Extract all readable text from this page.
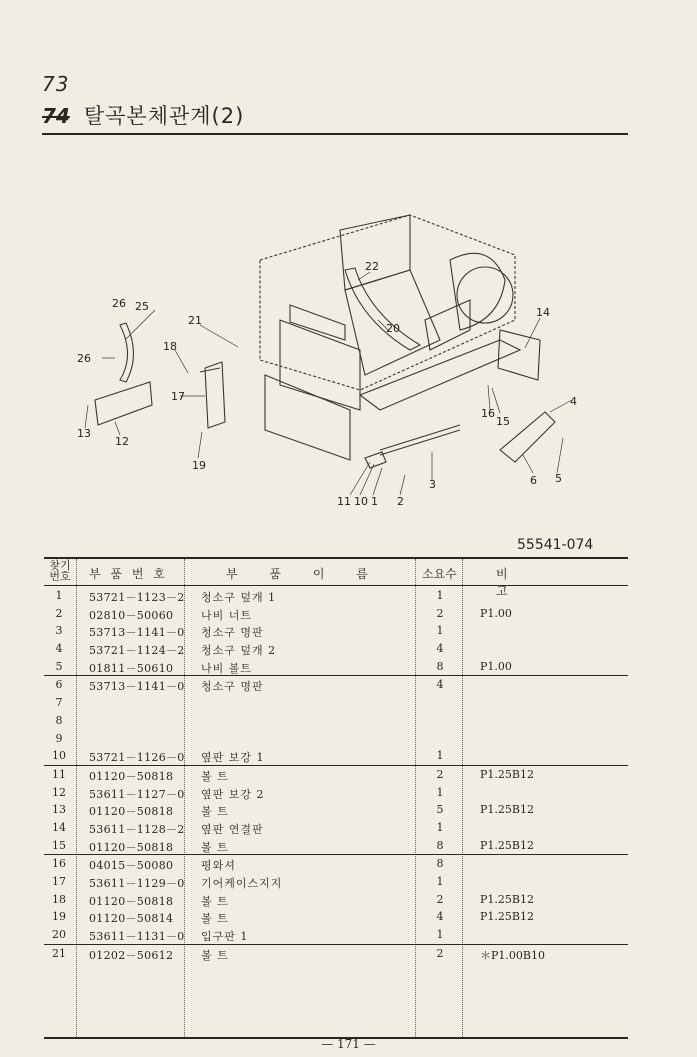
73
74 탈곡본체관계(2)
22
26 25
21
20
14
18
26
17
16
15
4
13
12
19
11 10 1 2
3	6 5
55541-074
찾기
번호 부 품 번 호	부 품 이 름	소요수	비 고
1	53721－1123－2 청소구 덮개 1	1
2	02810－50060	나비 너트	2	P1.00
3	53713－1141－0 청소구 명판	1
4	53721－1124－2 청소구 덮개 2	4
5	01811－50610	나비 볼트	8	P1.00
6	53713－1141－0 청소구 명판	4
7
8
9
10	53721－1126－0 옆판 보강 1	1
11	01120－50818	볼 트	2	P1.25B12
12	53611－1127－0 옆판 보강 2	1
13	01120－50818	볼 트	5	P1.25B12
14	53611－1128－2 옆판 연결판	1
15	01120－50818	볼 트	8	P1.25B12
16	04015－50080	평와셔	8
17	53611－1129－0 기어케이스지지	1
18	01120－50818	볼 트	2	P1.25B12
19	01120－50814	볼 트	4	P1.25B12
20	53611－1131－0 입구판 1	1
21	01202－50612	볼 트	2	＊P1.00B10
— 171 —
